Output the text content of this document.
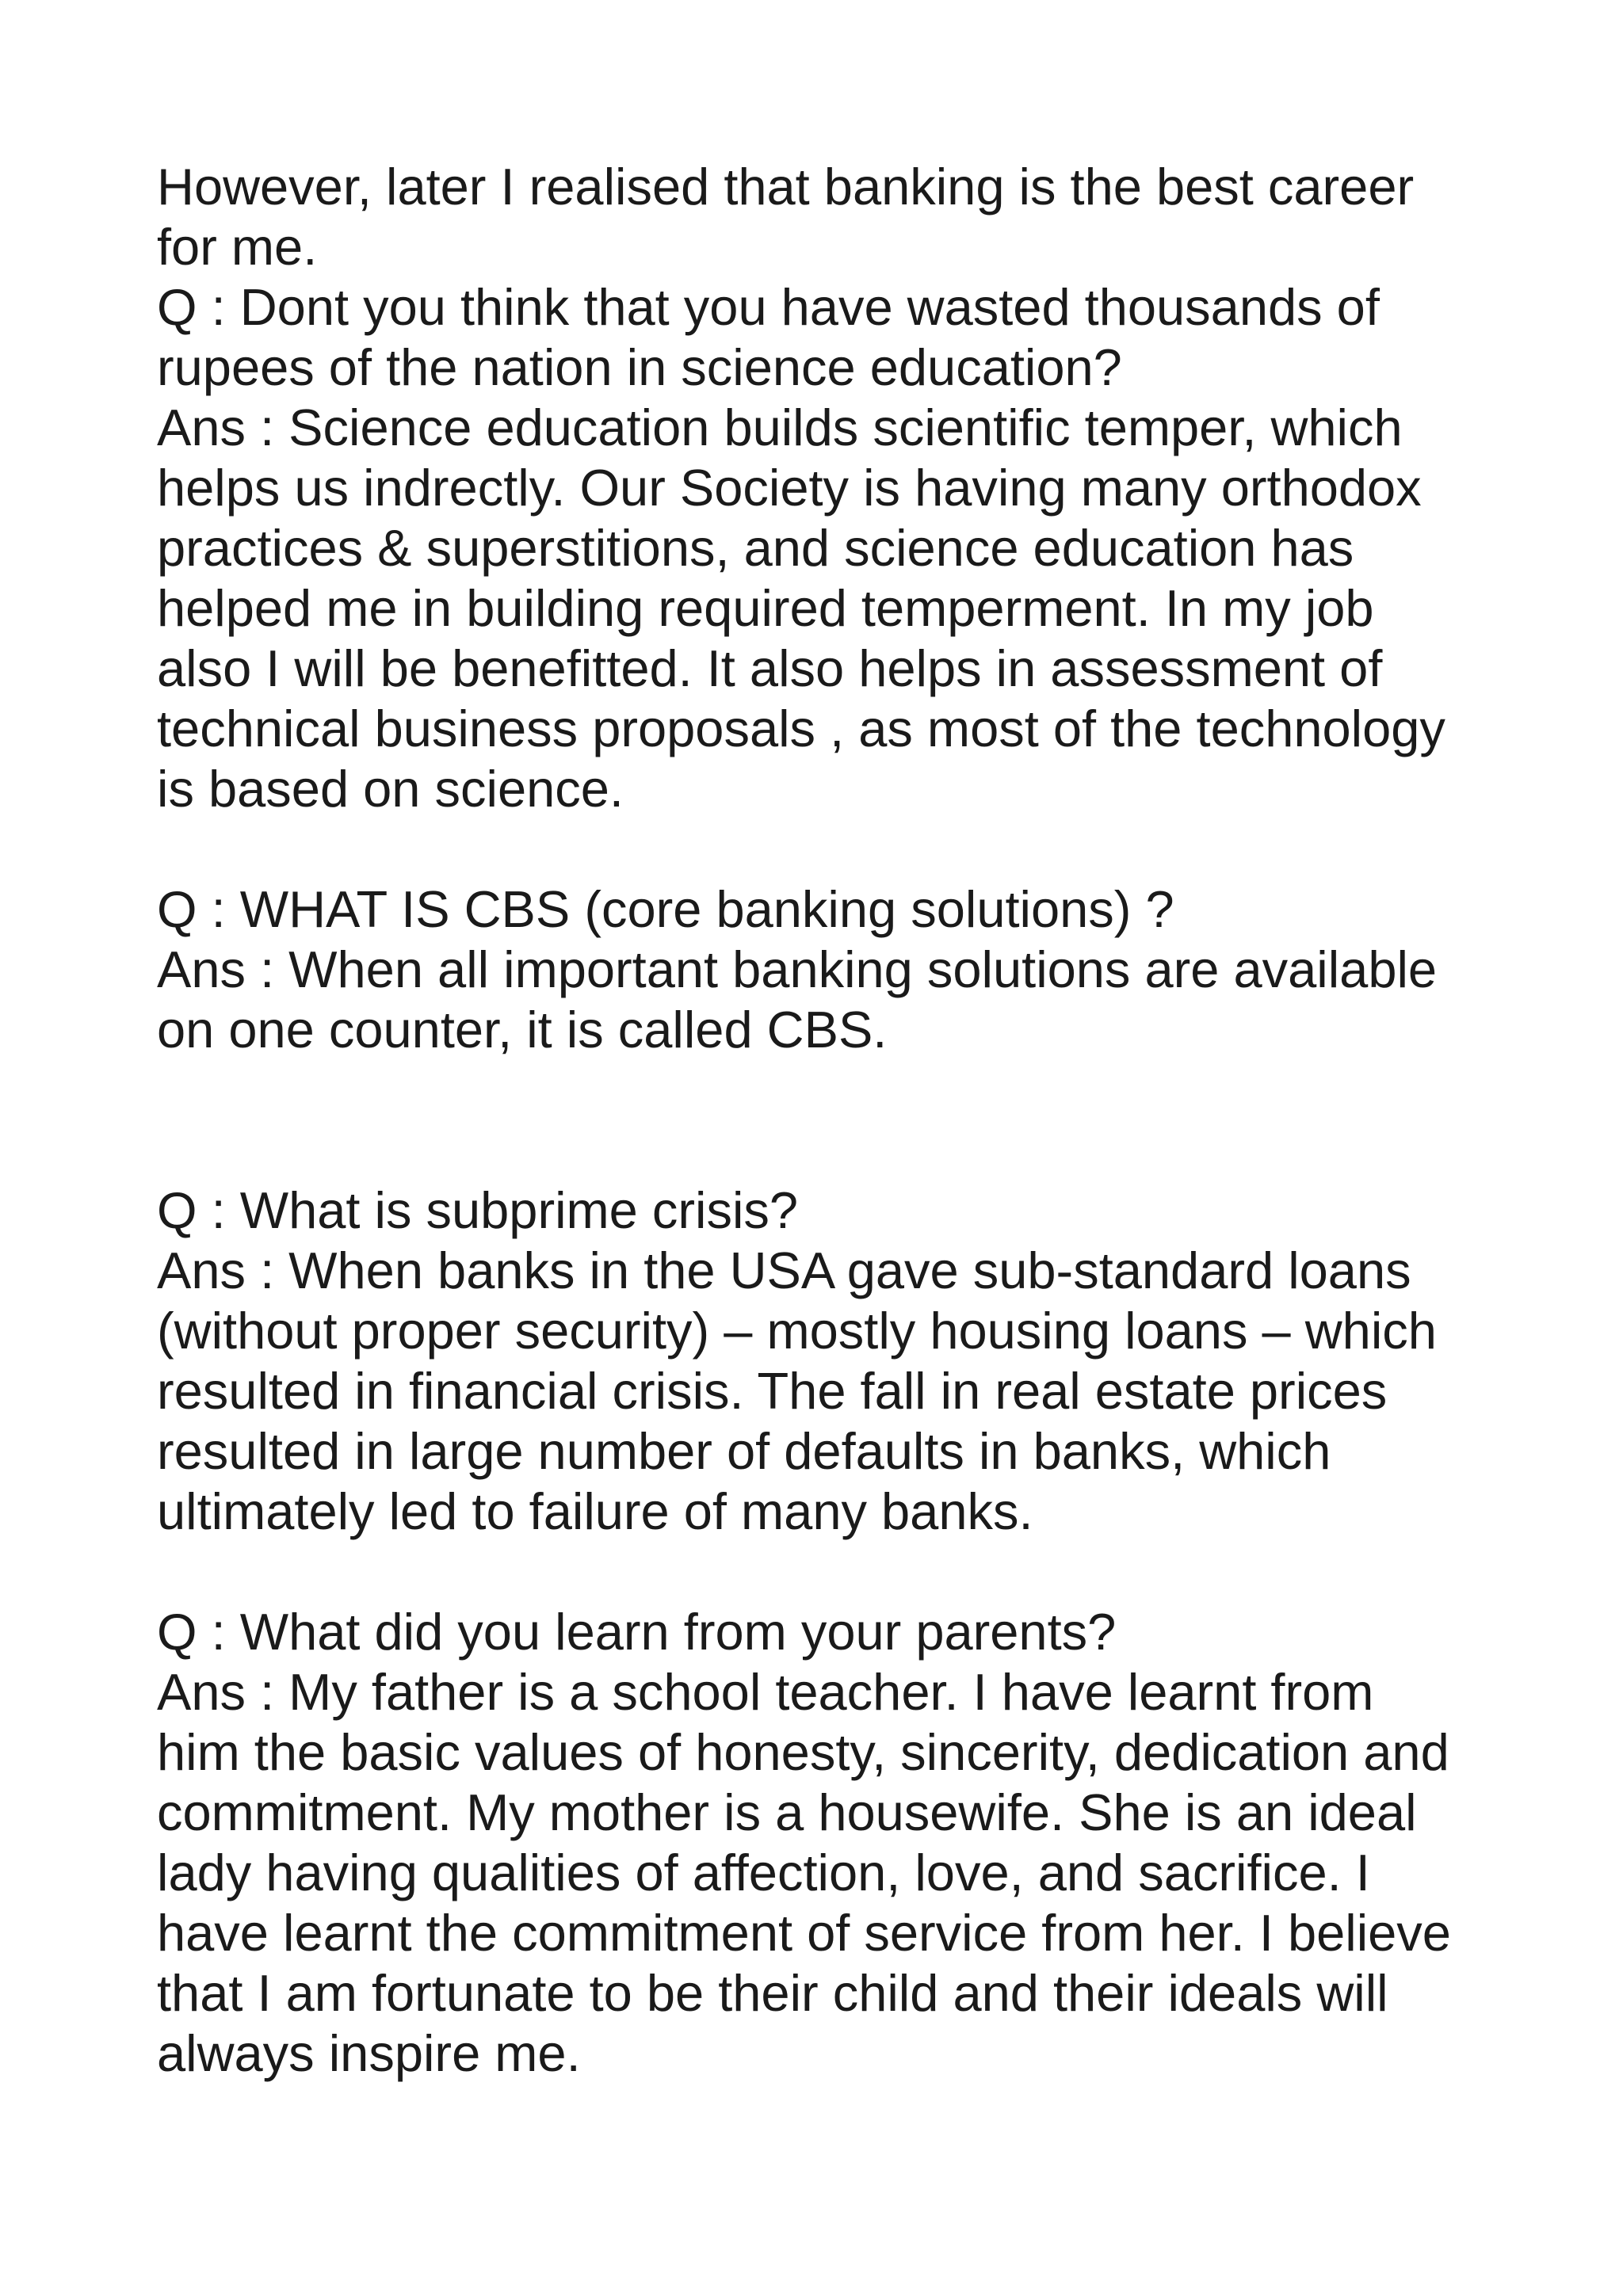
However, later I realised that banking is the best career

for me.

Q : Dont you think that you have wasted thousands of

rupees of the nation in science education?

Ans : Science education builds scientific temper, which

helps us indrectly. Our Society is having many orthodox

practices & superstitions, and science education has

helped me in building required temperment. In my job

also I will be benefitted. It also helps in assessment of

technical business proposals , as most of the technology

is based on science.

Q : WHAT IS CBS (core banking solutions) ?

Ans : When all important banking solutions are available

on one counter, it is called CBS.

Q : What is subprime crisis?

Ans : When banks in the USA gave sub-standard loans

(without proper security) – mostly housing loans – which

resulted in financial crisis. The fall in real estate prices

resulted in large number of defaults in banks, which

ultimately led to failure of many banks.

Q : What did you learn from your parents?

Ans : My father is a school teacher. I have learnt from

him the basic values of honesty, sincerity, dedication and

commitment. My mother is a housewife. She is an ideal

lady having qualities of affection, love, and sacrifice. I

have learnt the commitment of service from her. I believe

that I am fortunate to be their child and their ideals will

always inspire me.
